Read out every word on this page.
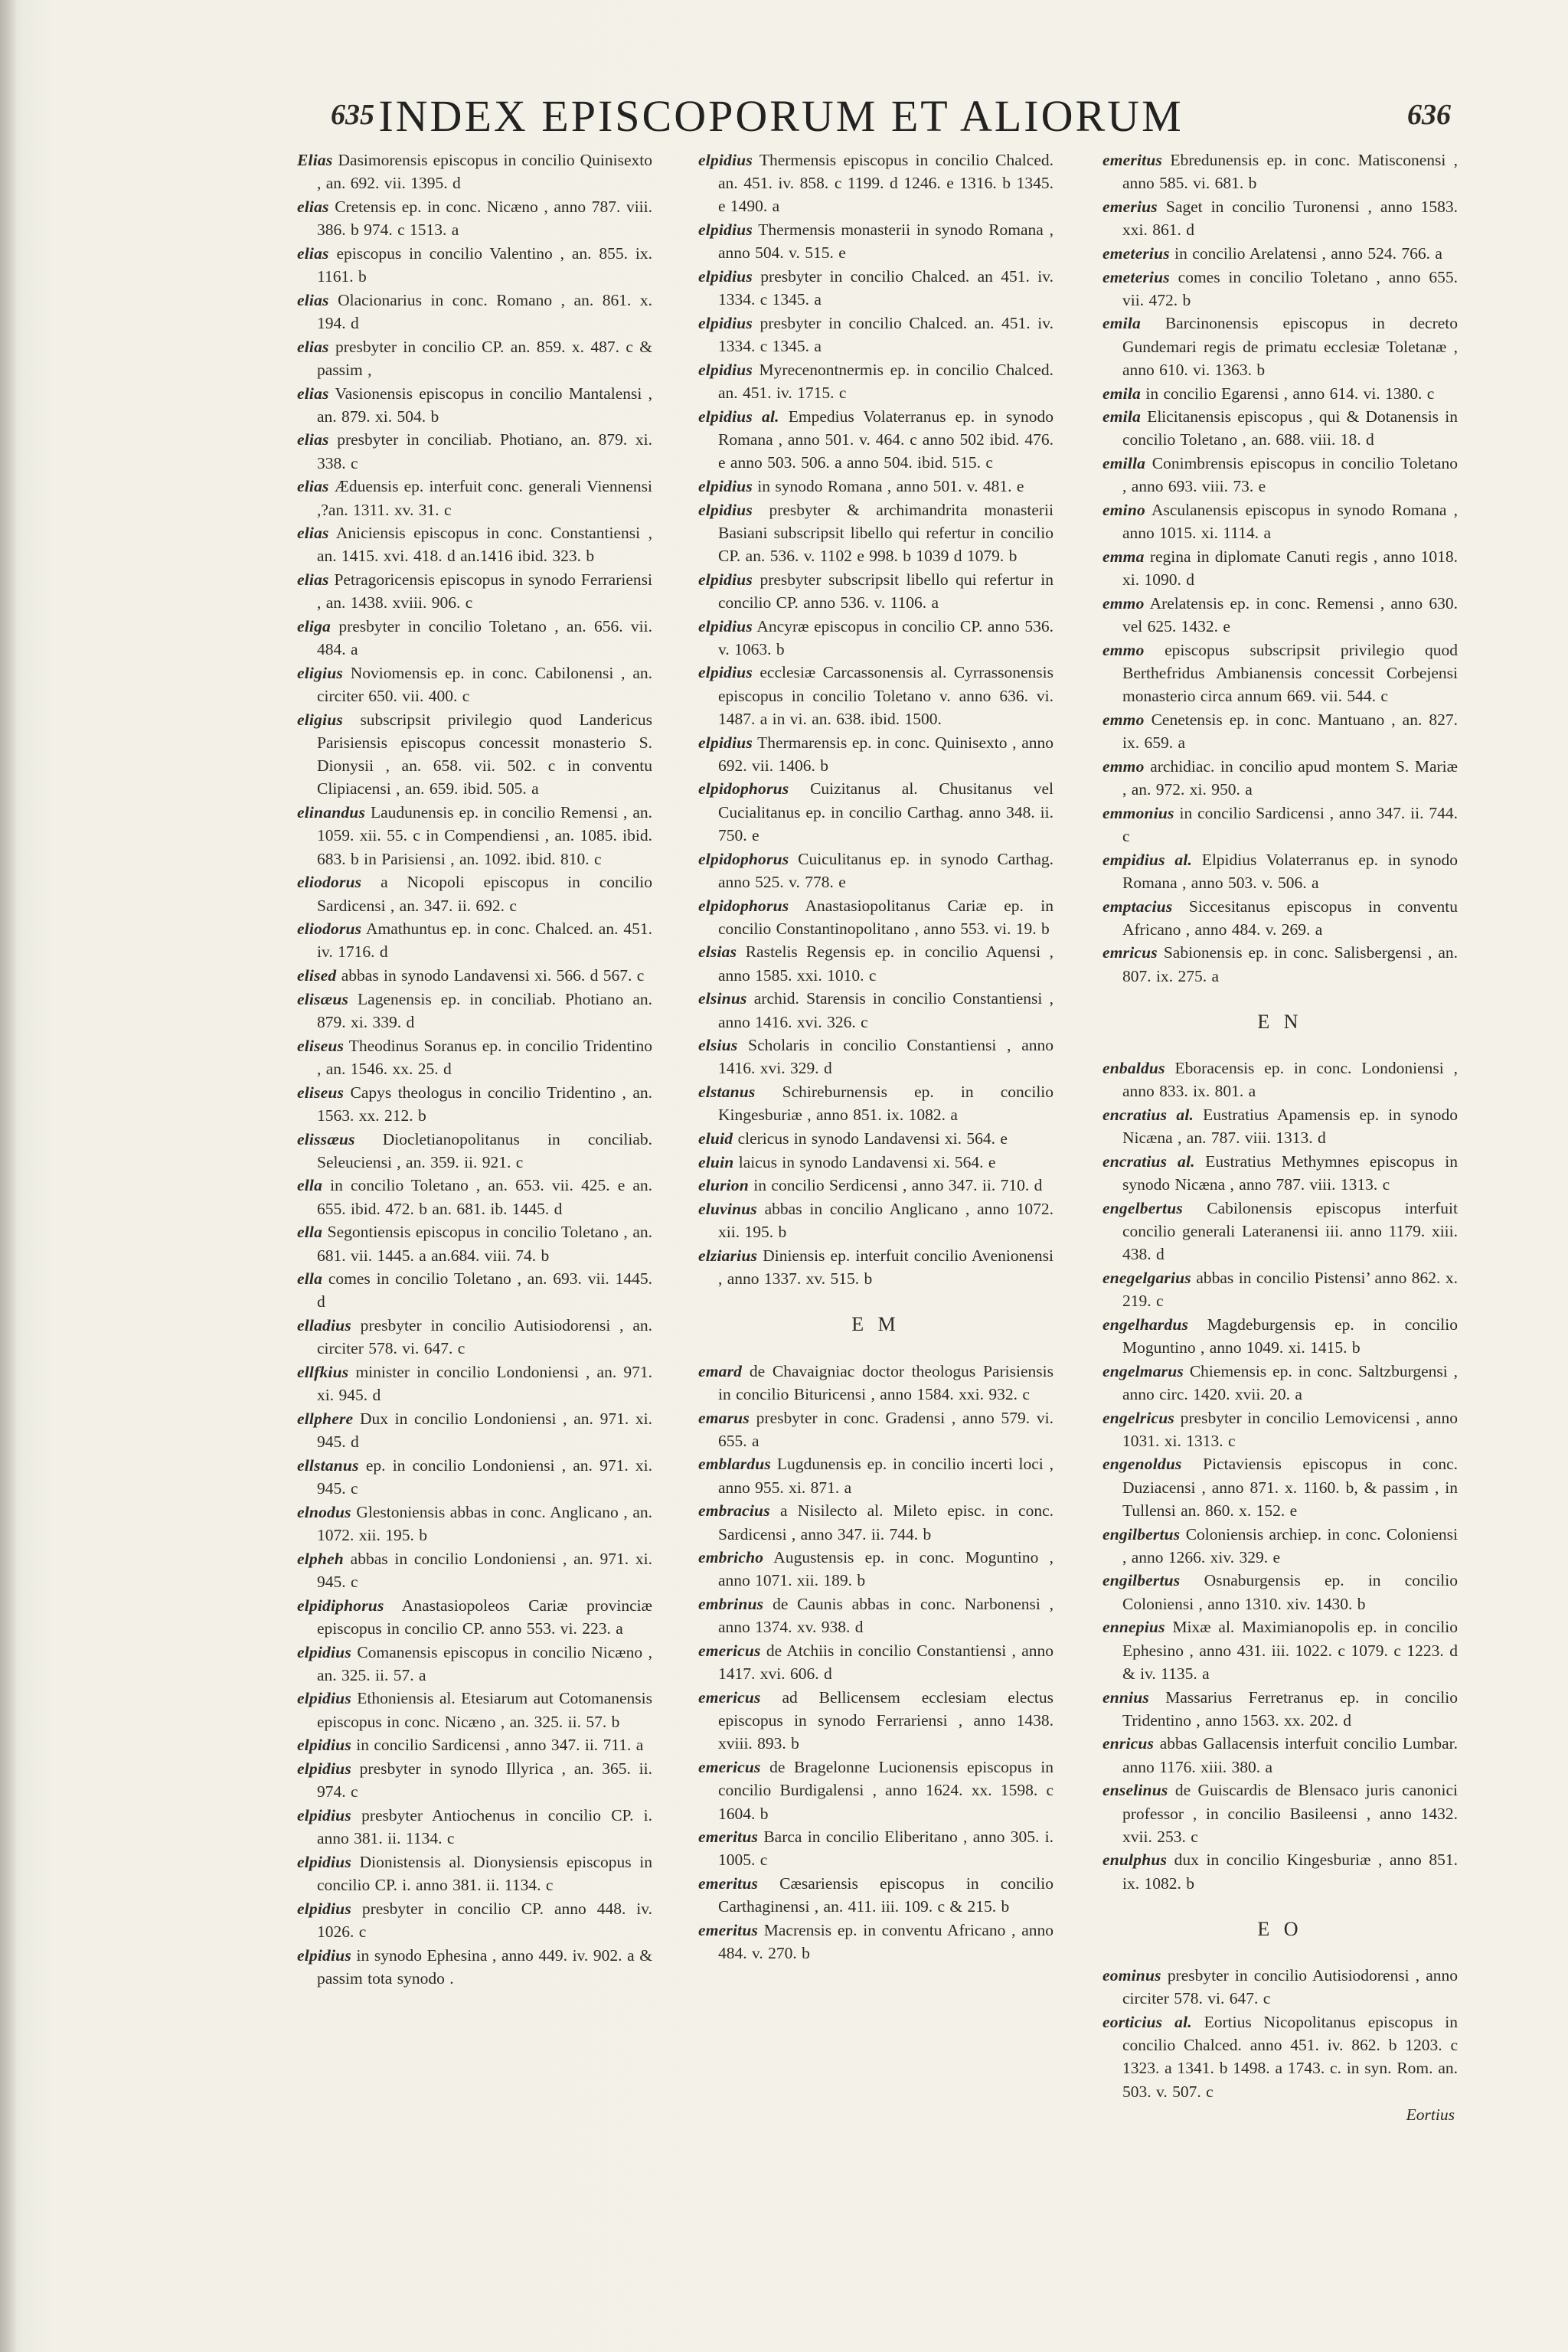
635 INDEX EPISCOPORUM ET ALIORUM	636
Elias Dasimorensis episcopus in concilio Quinisexto , an. 692. vii. 1395. d
elias Cretensis ep. in conc. Nicæno , anno 787. viii. 386. b 974. c 1513. a
elias episcopus in concilio Valentino , an. 855. ix. 1161. b
elias Olacionarius in conc. Romano , an. 861. x. 194. d
elias presbyter in concilio CP. an. 859. x. 487. c & passim ,
elias Vasionensis episcopus in concilio Mantalensi , an. 879. xi. 504. b
elias presbyter in conciliab. Photiano, an. 879. xi. 338. c
elias Æduensis ep. interfuit conc. generali Viennensi ,?an. 1311. xv. 31. c
elias Aniciensis episcopus in conc. Constantiensi , an. 1415. xvi. 418. d an.1416 ibid. 323. b
elias Petragoricensis episcopus in synodo Ferrariensi , an. 1438. xviii. 906. c
eliga presbyter in concilio Toletano , an. 656. vii. 484. a
eligius Noviomensis ep. in conc. Cabilonensi , an. circiter 650. vii. 400. c
eligius subscripsit privilegio quod Landericus Parisiensis episcopus concessit monasterio S. Dionysii , an. 658. vii. 502. c in conventu Clipiacensi , an. 659. ibid. 505. a
elinandus Laudunensis ep. in concilio Remensi , an. 1059. xii. 55. c in Compendiensi , an. 1085. ibid. 683. b in Parisiensi , an. 1092. ibid. 810. c
eliodorus a Nicopoli episcopus in concilio Sardicensi , an. 347. ii. 692. c
eliodorus Amathuntus ep. in conc. Chalced. an. 451. iv. 1716. d
elised abbas in synodo Landavensi xi. 566. d 567. c
elisæus Lagenensis ep. in conciliab. Photiano an. 879. xi. 339. d
eliseus Theodinus Soranus ep. in concilio Tridentino , an. 1546. xx. 25. d
eliseus Capys theologus in concilio Tridentino , an. 1563. xx. 212. b
elissæus Diocletianopolitanus in conciliab. Seleuciensi , an. 359. ii. 921. c
ella in concilio Toletano , an. 653. vii. 425. e an. 655. ibid. 472. b an. 681. ib. 1445. d
ella Segontiensis episcopus in concilio Toletano , an. 681. vii. 1445. a an.684. viii. 74. b
ella comes in concilio Toletano , an. 693. vii. 1445. d
elladius presbyter in concilio Autisiodorensi , an. circiter 578. vi. 647. c
ellfkius minister in concilio Londoniensi , an. 971. xi. 945. d
ellphere Dux in concilio Londoniensi , an. 971. xi. 945. d
ellstanus ep. in concilio Londoniensi , an. 971. xi. 945. c
elnodus Glestoniensis abbas in conc. Anglicano , an. 1072. xii. 195. b
elpheh abbas in concilio Londoniensi , an. 971. xi. 945. c
elpidiphorus Anastasiopoleos Cariæ provinciæ episcopus in concilio CP. anno 553. vi. 223. a
elpidius Comanensis episcopus in concilio Nicæno , an. 325. ii. 57. a
elpidius Ethoniensis al. Etesiarum aut Cotomanensis episcopus in conc. Nicæno , an. 325. ii. 57. b
elpidius in concilio Sardicensi , anno 347. ii. 711. a
elpidius presbyter in synodo Illyrica , an. 365. ii. 974. c
elpidius presbyter Antiochenus in concilio CP. i. anno 381. ii. 1134. c
elpidius Dionistensis al. Dionysiensis episcopus in concilio CP. i. anno 381. ii. 1134. c
elpidius presbyter in concilio CP. anno 448. iv. 1026. c
elpidius in synodo Ephesina , anno 449. iv. 902. a & passim tota synodo .
elpidius Thermensis episcopus in concilio Chalced. an. 451. iv. 858. c 1199. d 1246. e 1316. b 1345. e 1490. a
elpidius Thermensis monasterii in synodo Romana , anno 504. v. 515. e
elpidius presbyter in concilio Chalced. an 451. iv. 1334. c 1345. a
elpidius presbyter in concilio Chalced. an. 451. iv. 1334. c 1345. a
elpidius Myrecenontnermis ep. in concilio Chalced. an. 451. iv. 1715. c
elpidius al. Empedius Volaterranus ep. in synodo Romana , anno 501. v. 464. c anno 502 ibid. 476. e anno 503. 506. a anno 504. ibid. 515. c
elpidius in synodo Romana , anno 501. v. 481. e
elpidius presbyter & archimandrita monasterii Basiani subscripsit libello qui refertur in concilio CP. an. 536. v. 1102 e 998. b 1039 d 1079. b
elpidius presbyter subscripsit libello qui refertur in concilio CP. anno 536. v. 1106. a
elpidius Ancyræ episcopus in concilio CP. anno 536. v. 1063. b
elpidius ecclesiæ Carcassonensis al. Cyrrassonensis episcopus in concilio Toletano v. anno 636. vi. 1487. a in vi. an. 638. ibid. 1500.
elpidius Thermarensis ep. in conc. Quinisexto , anno 692. vii. 1406. b
elpidophorus Cuizitanus al. Chusitanus vel Cucialitanus ep. in concilio Carthag. anno 348. ii. 750. e
elpidophorus Cuiculitanus ep. in synodo Carthag. anno 525. v. 778. e
elpidophorus Anastasiopolitanus Cariæ ep. in concilio Constantinopolitano , anno 553. vi. 19. b
elsias Rastelis Regensis ep. in concilio Aquensi , anno 1585. xxi. 1010. c
elsinus archid. Starensis in concilio Constantiensi , anno 1416. xvi. 326. c
elsius Scholaris in concilio Constantiensi , anno 1416. xvi. 329. d
elstanus Schireburnensis ep. in concilio Kingesburiæ , anno 851. ix. 1082. a
eluid clericus in synodo Landavensi xi. 564. e
eluin laicus in synodo Landavensi xi. 564. e
elurion in concilio Serdicensi , anno 347. ii. 710. d
eluvinus abbas in concilio Anglicano , anno 1072. xii. 195. b
elziarius Diniensis ep. interfuit concilio Avenionensi , anno 1337. xv. 515. b
E M
emard de Chavaigniac doctor theologus Parisiensis in concilio Bituricensi , anno 1584. xxi. 932. c
emarus presbyter in conc. Gradensi , anno 579. vi. 655. a
emblardus Lugdunensis ep. in concilio incerti loci , anno 955. xi. 871. a
embracius a Nisilecto al. Mileto episc. in conc. Sardicensi , anno 347. ii. 744. b
embricho Augustensis ep. in conc. Moguntino , anno 1071. xii. 189. b
embrinus de Caunis abbas in conc. Narbonensi , anno 1374. xv. 938. d
emericus de Atchiis in concilio Constantiensi , anno 1417. xvi. 606. d
emericus ad Bellicensem ecclesiam electus episcopus in synodo Ferrariensi , anno 1438. xviii. 893. b
emericus de Bragelonne Lucionensis episcopus in concilio Burdigalensi , anno 1624. xx. 1598. c 1604. b
emeritus Barca in concilio Eliberitano , anno 305. i. 1005. c
emeritus Cæsariensis episcopus in concilio Carthaginensi , an. 411. iii. 109. c & 215. b
emeritus Macrensis ep. in conventu Africano , anno 484. v. 270. b
emeritus Ebredunensis ep. in conc. Matisconensi , anno 585. vi. 681. b
emerius Saget in concilio Turonensi , anno 1583. xxi. 861. d
emeterius in concilio Arelatensi , anno 524. 766. a
emeterius comes in concilio Toletano , anno 655. vii. 472. b
emila Barcinonensis episcopus in decreto Gundemari regis de primatu ecclesiæ Toletanæ , anno 610. vi. 1363. b
emila in concilio Egarensi , anno 614. vi. 1380. c
emila Elicitanensis episcopus , qui & Dotanensis in concilio Toletano , an. 688. viii. 18. d
emilla Conimbrensis episcopus in concilio Toletano , anno 693. viii. 73. e
emino Asculanensis episcopus in synodo Romana , anno 1015. xi. 1114. a
emma regina in diplomate Canuti regis , anno 1018. xi. 1090. d
emmo Arelatensis ep. in conc. Remensi , anno 630. vel 625. 1432. e
emmo episcopus subscripsit privilegio quod Berthefridus Ambianensis concessit Corbejensi monasterio circa annum 669. vii. 544. c
emmo Cenetensis ep. in conc. Mantuano , an. 827. ix. 659. a
emmo archidiac. in concilio apud montem S. Mariæ , an. 972. xi. 950. a
emmonius in concilio Sardicensi , anno 347. ii. 744. c
empidius al. Elpidius Volaterranus ep. in synodo Romana , anno 503. v. 506. a
emptacius Siccesitanus episcopus in conventu Africano , anno 484. v. 269. a
emricus Sabionensis ep. in conc. Salisbergensi , an. 807. ix. 275. a
E N
enbaldus Eboracensis ep. in conc. Londoniensi , anno 833. ix. 801. a
encratius al. Eustratius Apamensis ep. in synodo Nicæna , an. 787. viii. 1313. d
encratius al. Eustratius Methymnes episcopus in synodo Nicæna , anno 787. viii. 1313. c
engelbertus Cabilonensis episcopus interfuit concilio generali Lateranensi iii. anno 1179. xiii. 438. d
enegelgarius abbas in concilio Pistensi’ anno 862. x. 219. c
engelhardus Magdeburgensis ep. in concilio Moguntino , anno 1049. xi. 1415. b
engelmarus Chiemensis ep. in conc. Saltzburgensi , anno circ. 1420. xvii. 20. a
engelricus presbyter in concilio Lemovicensi , anno 1031. xi. 1313. c
engenoldus Pictaviensis episcopus in conc. Duziacensi , anno 871. x. 1160. b, & passim , in Tullensi an. 860. x. 152. e
engilbertus Coloniensis archiep. in conc. Coloniensi , anno 1266. xiv. 329. e
engilbertus Osnaburgensis ep. in concilio Coloniensi , anno 1310. xiv. 1430. b
ennepius Mixæ al. Maximianopolis ep. in concilio Ephesino , anno 431. iii. 1022. c 1079. c 1223. d & iv. 1135. a
ennius Massarius Ferretranus ep. in concilio Tridentino , anno 1563. xx. 202. d
enricus abbas Gallacensis interfuit concilio Lumbar. anno 1176. xiii. 380. a
enselinus de Guiscardis de Blensaco juris canonici professor , in concilio Basileensi , anno 1432. xvii. 253. c
enulphus dux in concilio Kingesburiæ , anno 851. ix. 1082. b
E O
eominus presbyter in concilio Autisiodorensi , anno circiter 578. vi. 647. c
eorticius al. Eortius Nicopolitanus episcopus in concilio Chalced. anno 451. iv. 862. b 1203. c 1323. a 1341. b 1498. a 1743. c. in syn. Rom. an. 503. v. 507. c
Eortius
